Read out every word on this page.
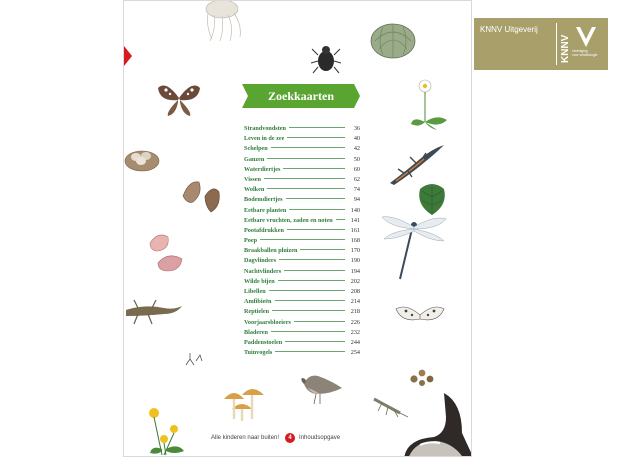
Zoekkaarten
Strandvondsten	36
Leven in de zee	40
Schelpen	42
Ganzen	50
Waterdiertjes	60
Vissen	62
Wolken	74
Bodemdiertjes	94
Eetbare planten	140
Eetbare vruchten, zaden en noten	141
Pootafdrukken	161
Poep	168
Braakballen pluizen	170
Dagvlinders	190
Nachtvlinders	194
Wilde bijen	202
Libellen	208
Amfibieën	214
Reptielen	218
Voorjaarsbloeiers	226
Bladeren	232
Paddenstoelen	244
Tuinvogels	254
Alle kinderen naar buiten!	4	Inhoudsopgave
KNNV Uitgeverij
KNNV vereniging
voor veldbiologie
